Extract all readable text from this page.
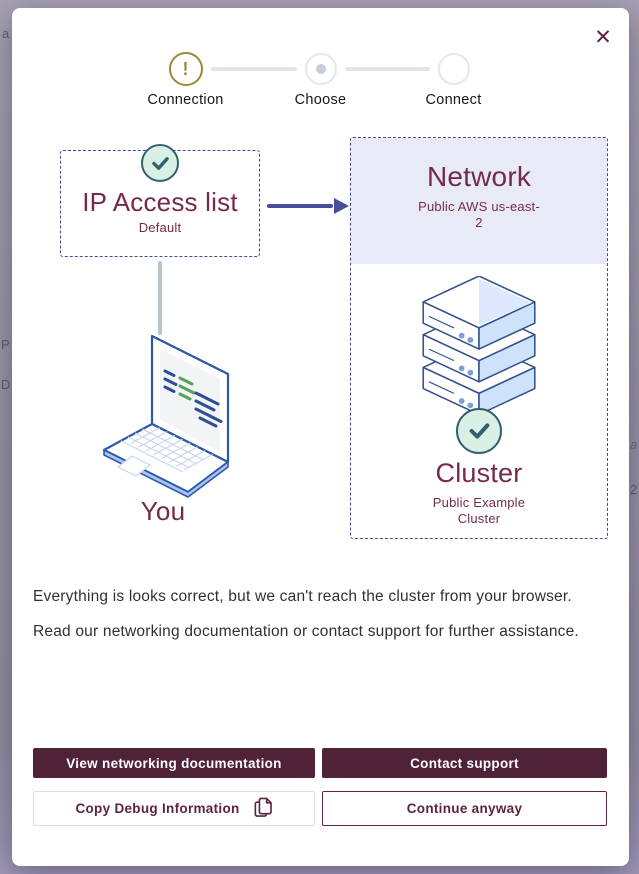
a
P
D
a
2
✕
!
Connection	Choose	Connect
IP Access list
Default
You
Network
Public AWS us-east-2
Cluster
Public Example Cluster

Everything is looks correct, but we can't reach the cluster from your browser.

Read our networking documentation or contact support for further assistance.

View networking documentation	Contact support
Copy Debug Information	Continue anyway
